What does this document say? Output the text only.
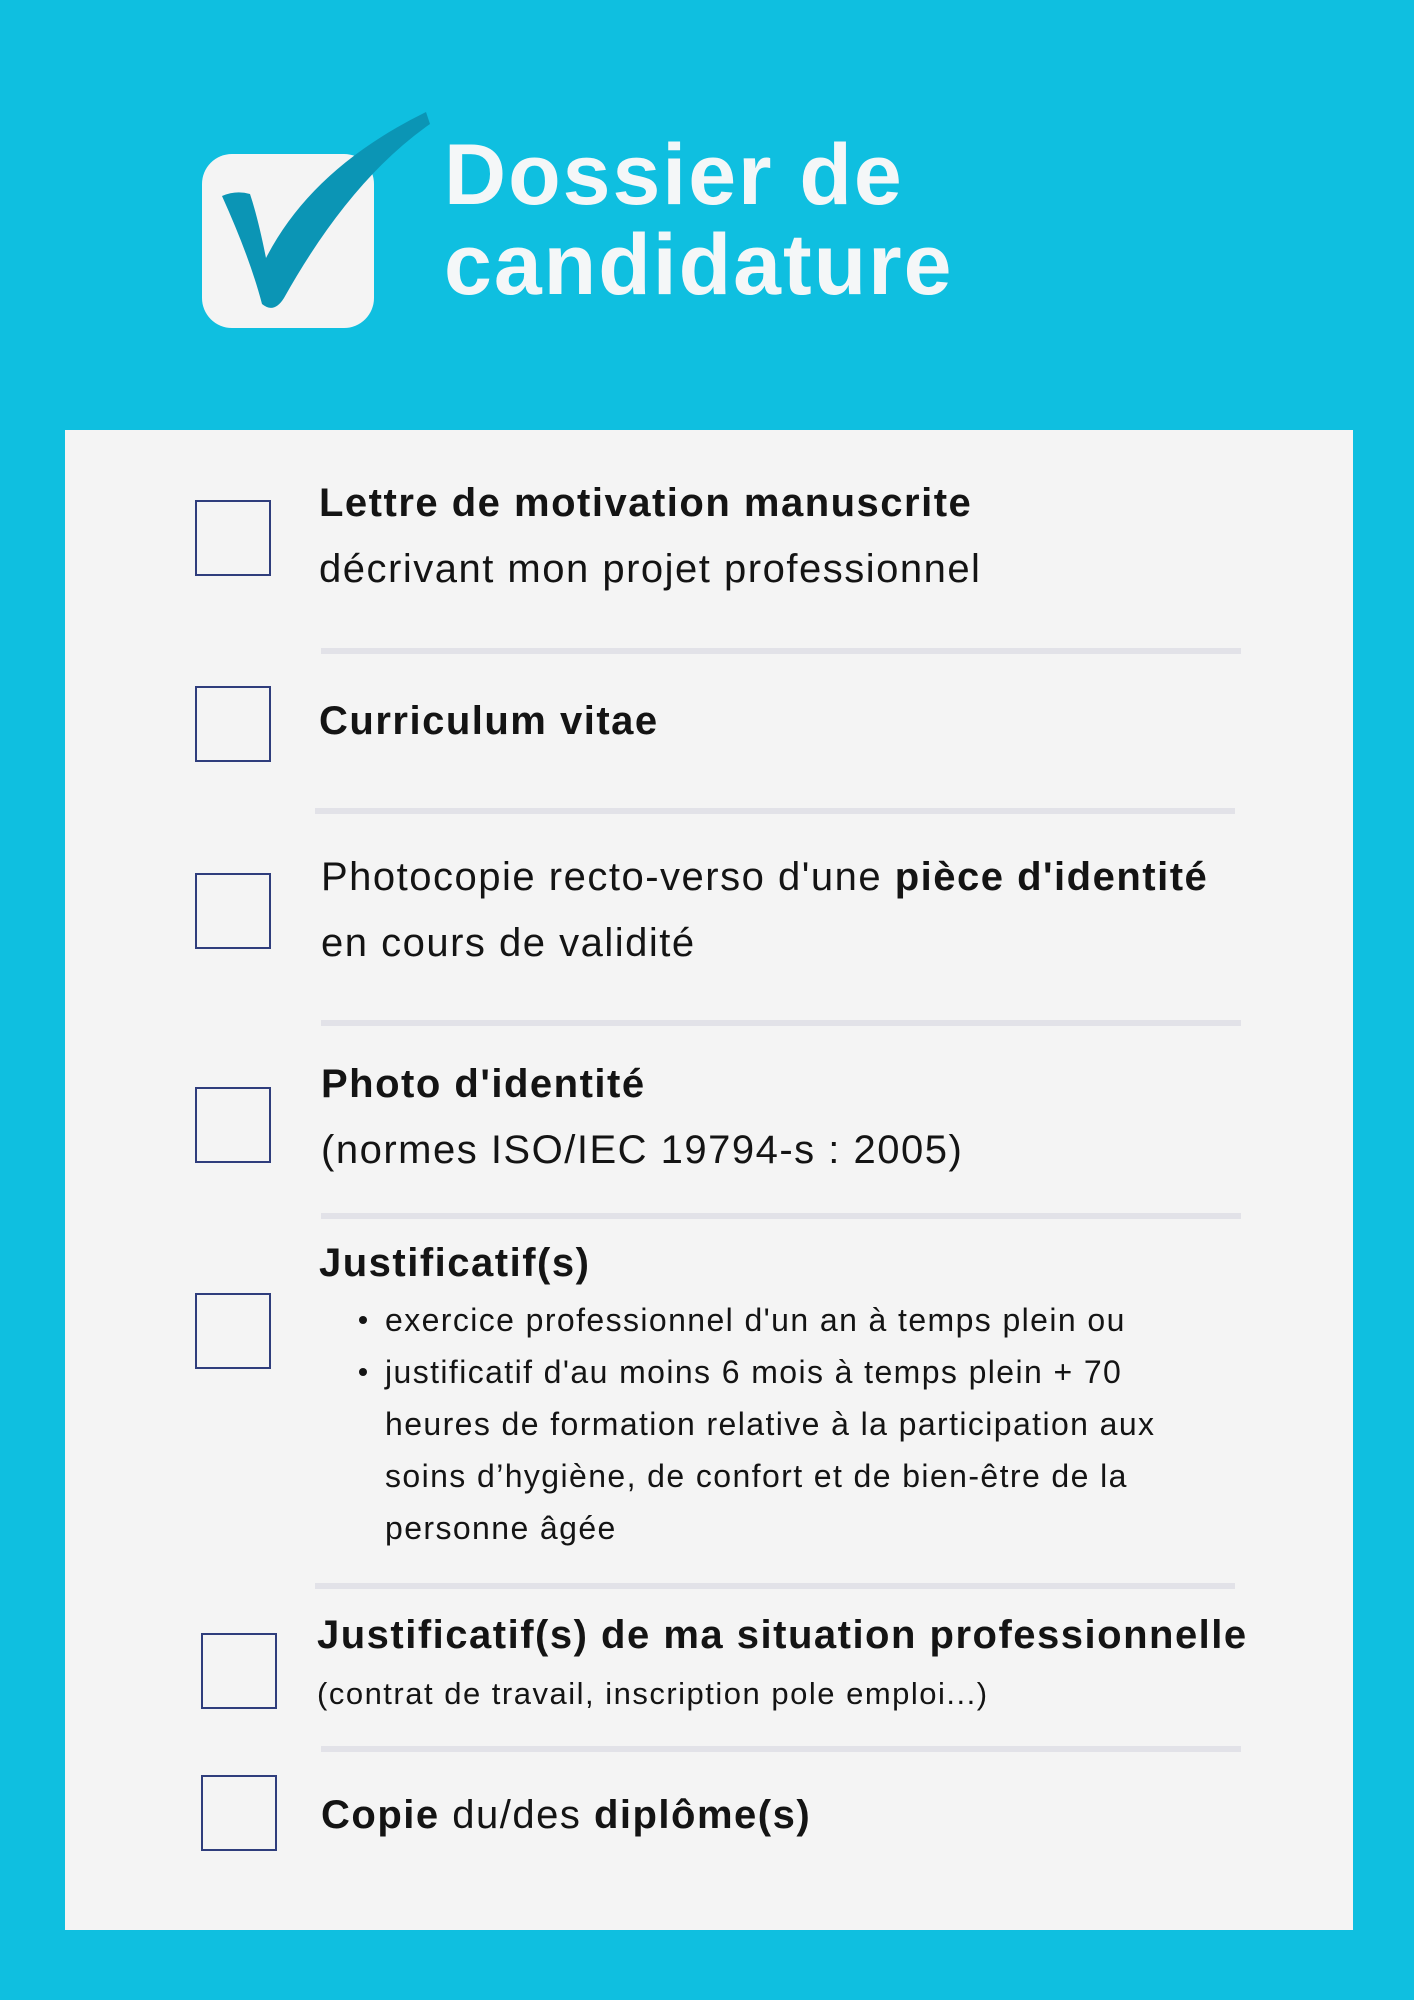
Dossier de
candidature
Lettre de motivation manuscrite
décrivant mon projet professionnel
Curriculum vitae
Photocopie recto-verso d'une pièce d'identité
en cours de validité
Photo d'identité
(normes ISO/IEC 19794-s : 2005)
Justificatif(s)
exercice professionnel d'un an à temps plein ou
justificatif d'au moins 6 mois à temps plein + 70
heures de formation relative à la participation aux
soins d’hygiène, de confort et de bien-être de la
personne âgée
Justificatif(s) de ma situation professionnelle
(contrat de travail, inscription pole emploi...)
Copie du/des diplôme(s)
